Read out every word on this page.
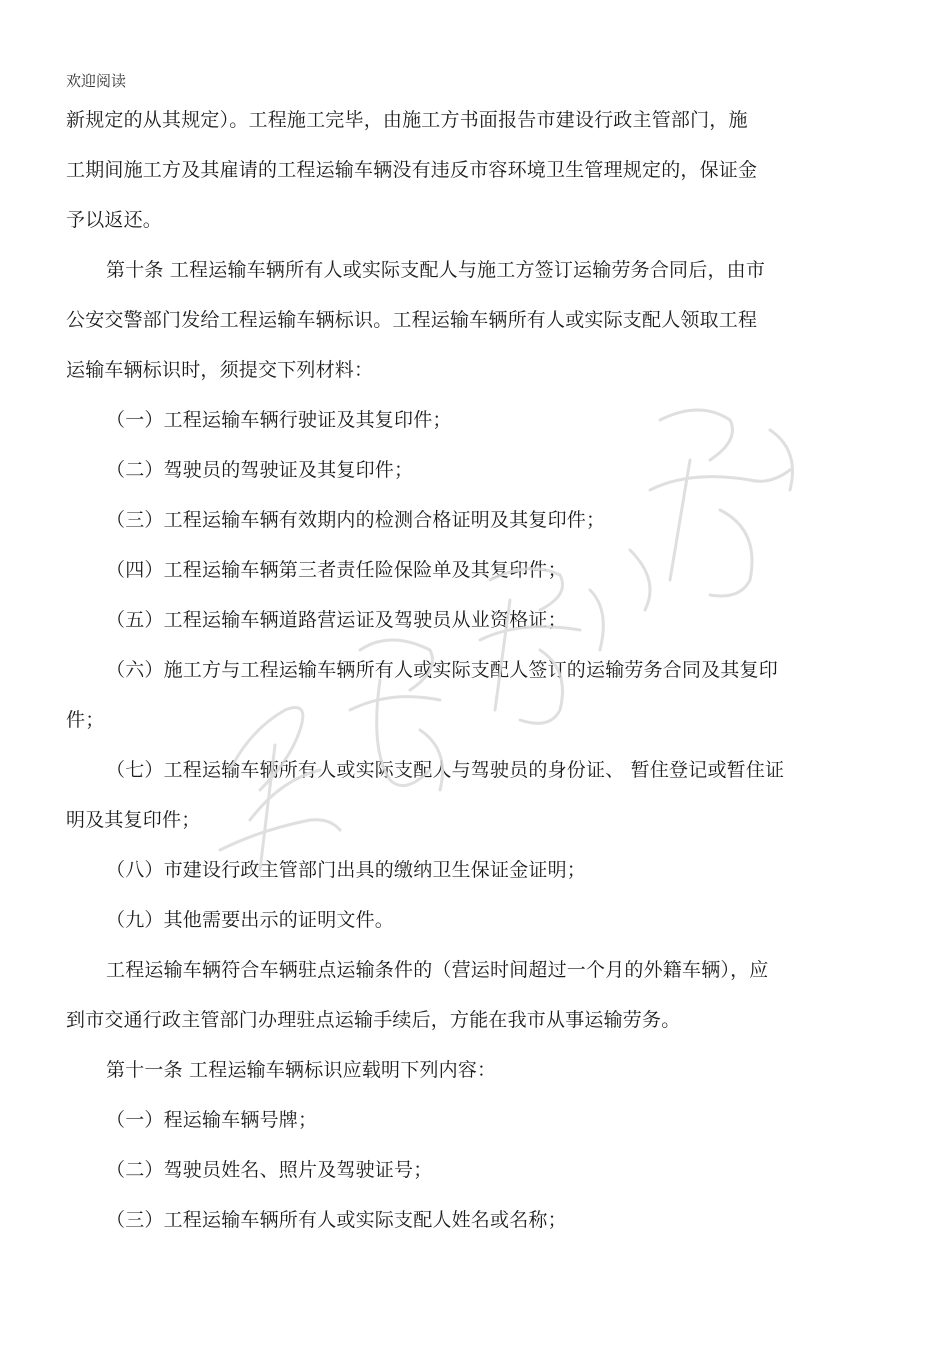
欢迎阅读
新规定的从其规定）。工程施工完毕，由施工方书面报告市建设行政主管部门，施
工期间施工方及其雇请的工程运输车辆没有违反市容环境卫生管理规定的，保证金
予以返还。
第十条 工程运输车辆所有人或实际支配人与施工方签订运输劳务合同后，由市
公安交警部门发给工程运输车辆标识。工程运输车辆所有人或实际支配人领取工程
运输车辆标识时，须提交下列材料：
（一）工程运输车辆行驶证及其复印件；
（二）驾驶员的驾驶证及其复印件；
（三）工程运输车辆有效期内的检测合格证明及其复印件；
（四）工程运输车辆第三者责任险保险单及其复印件；
（五）工程运输车辆道路营运证及驾驶员从业资格证；
（六）施工方与工程运输车辆所有人或实际支配人签订的运输劳务合同及其复印
件；
（七）工程运输车辆所有人或实际支配人与驾驶员的身份证、 暂住登记或暂住证
明及其复印件；
（八）市建设行政主管部门出具的缴纳卫生保证金证明；
（九）其他需要出示的证明文件。
工程运输车辆符合车辆驻点运输条件的（营运时间超过一个月的外籍车辆），应
到市交通行政主管部门办理驻点运输手续后，方能在我市从事运输劳务。
第十一条 工程运输车辆标识应载明下列内容：
（一）程运输车辆号牌；
（二）驾驶员姓名、照片及驾驶证号；
（三）工程运输车辆所有人或实际支配人姓名或名称；
